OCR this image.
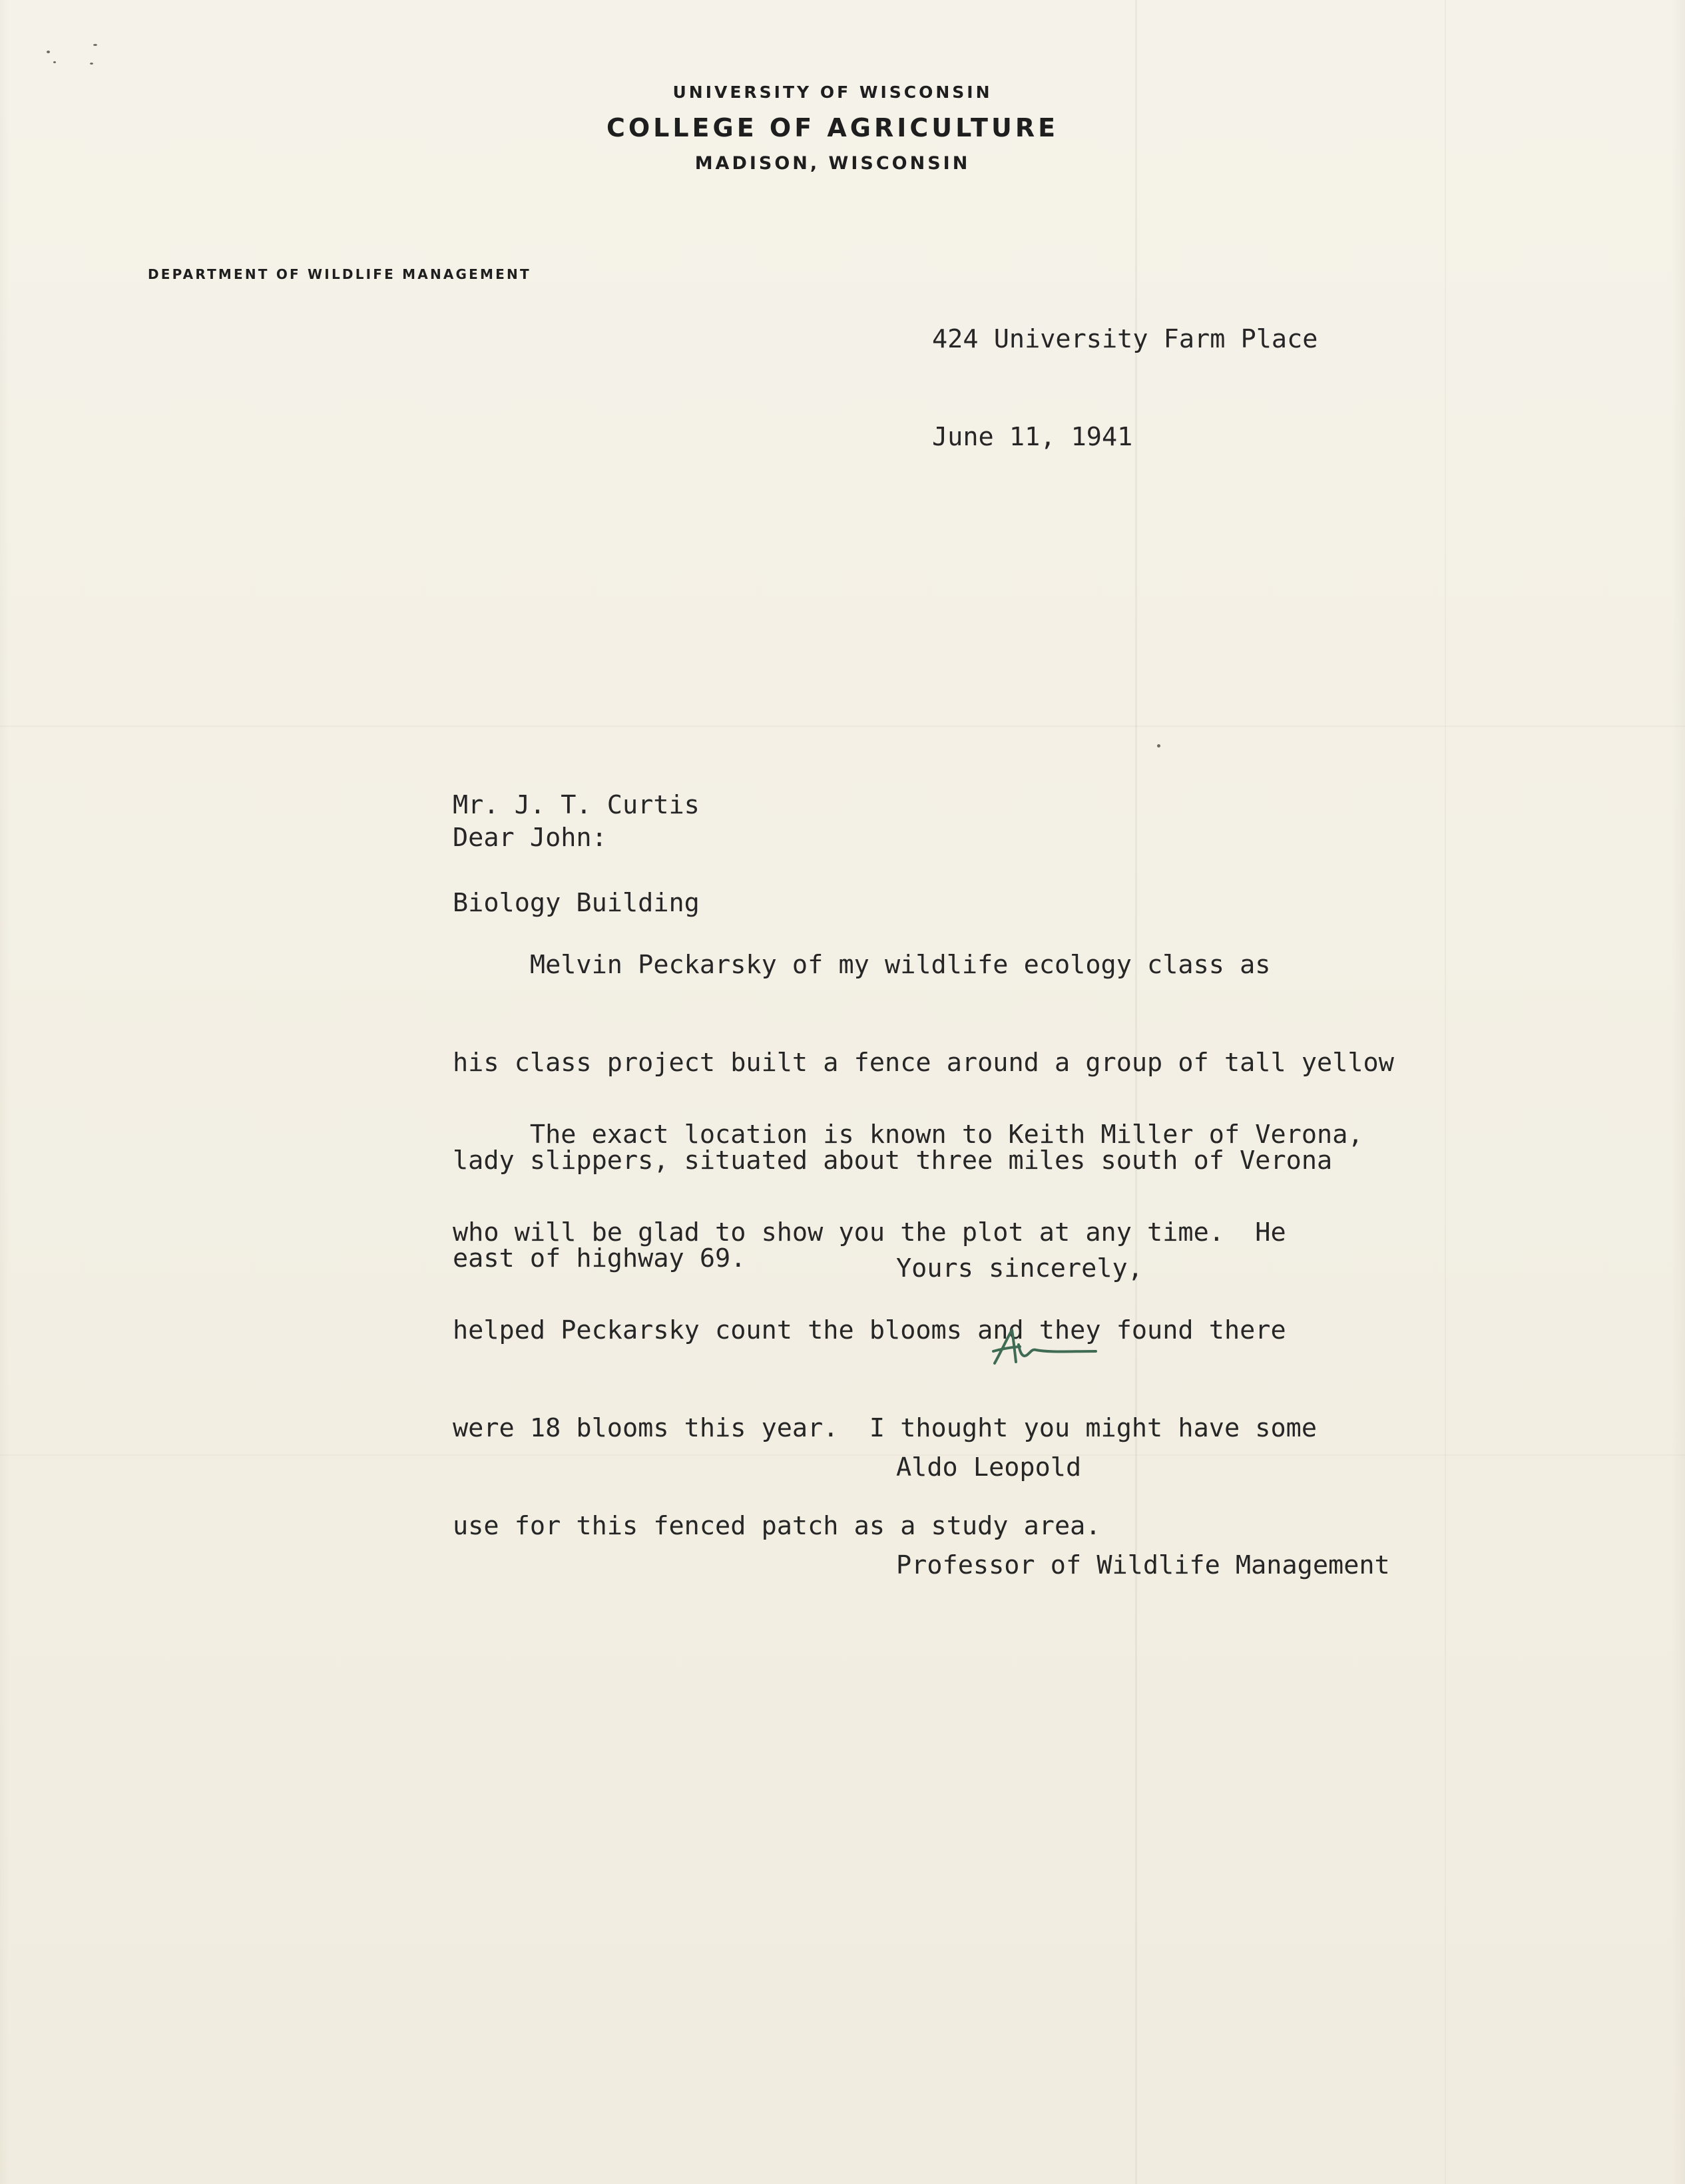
UNIVERSITY OF WISCONSIN
COLLEGE OF AGRICULTURE
MADISON, WISCONSIN
DEPARTMENT OF WILDLIFE MANAGEMENT

424 University Farm Place

June 11, 1941

Mr. J. T. Curtis

Biology Building

Dear John:

Melvin Peckarsky of my wildlife ecology class as

his class project built a fence around a group of tall yellow

lady slippers, situated about three miles south of Verona

east of highway 69.

The exact location is known to Keith Miller of Verona,

who will be glad to show you the plot at any time.  He

helped Peckarsky count the blooms and they found there

were 18 blooms this year.  I thought you might have some

use for this fenced patch as a study area.

Yours sincerely,

Aldo Leopold

Professor of Wildlife Management
